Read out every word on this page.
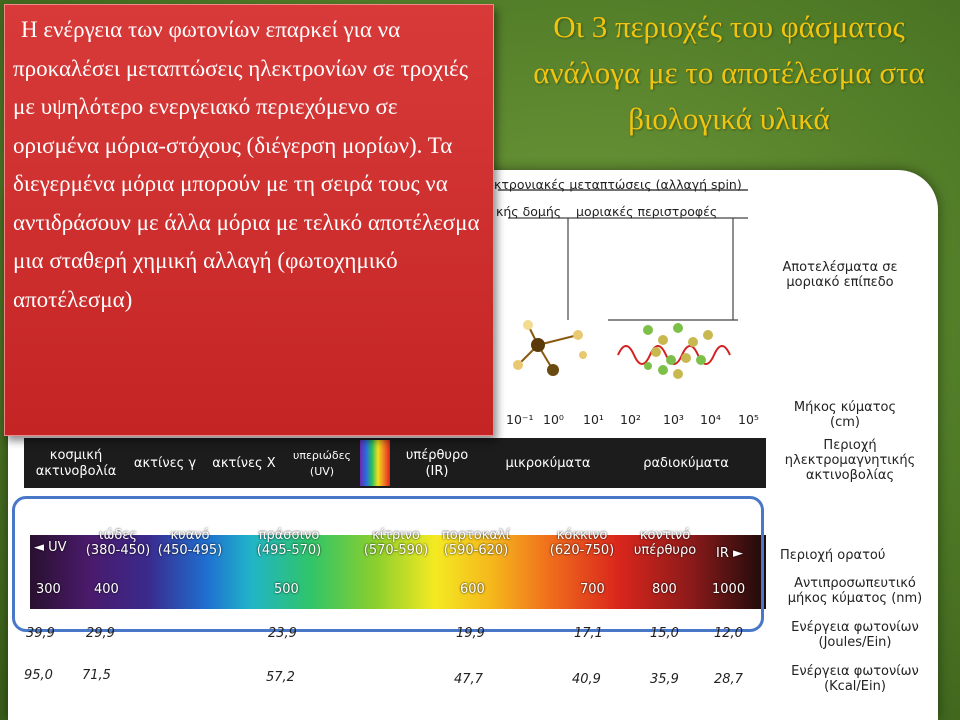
Οι 3 περιοχές του φάσματος ανάλογα με το αποτέλεσμα στα βιολογικά υλικά
κτρονιακές μεταπτώσεις (αλλαγή spin)
κής δομής μοριακές περιστροφές
Αποτελέσματα σε μοριακό επίπεδο
10⁻¹ 10⁰ 10¹ 10² 10³ 10⁴ 10⁵
Μήκος κύματος (cm)
κοσμική ακτινοβολία
ακτίνες γ	ακτίνες Χ
υπεριώδες (UV)
υπέρθυρο (IR)
μικροκύματα	ραδιοκύματα
Περιοχή ηλεκτρομαγνητικής ακτινοβολίας
◄ UV	IR ►
ιώδες
(380-450)
κυανό
(450-495)
πράσσινο
(495-570)
κίτρινο
(570-590)
πορτοκαλί
(590-620)
κόκκινο
(620-750)
κοντινό
υπέρθυρο
300	400	500	600	700	800	1000
Περιοχή ορατού
Αντιπροσωπευτικό μήκος κύματος (nm)
39,9 29,9	23,9	19,9	17,1	15,0	12,0	Ενέργεια φωτονίων (Joules/Ein)
95,0 71,5	57,2	47,7	40,9	35,9	28,7
Ενέργεια φωτονίων (Kcal/Ein)
Η ενέργεια των φωτονίων επαρκεί για να προκαλέσει μεταπτώσεις ηλεκτρονίων σε τροχιές με υψηλότερο ενεργειακό περιεχόμενο σε ορισμένα μόρια-στόχους (διέγερση μορίων). Τα διεγερμένα μόρια μπορούν με τη σειρά τους να αντιδράσουν με άλλα μόρια με τελικό αποτέλεσμα μια σταθερή χημική αλλαγή (φωτοχημικό αποτέλεσμα)
